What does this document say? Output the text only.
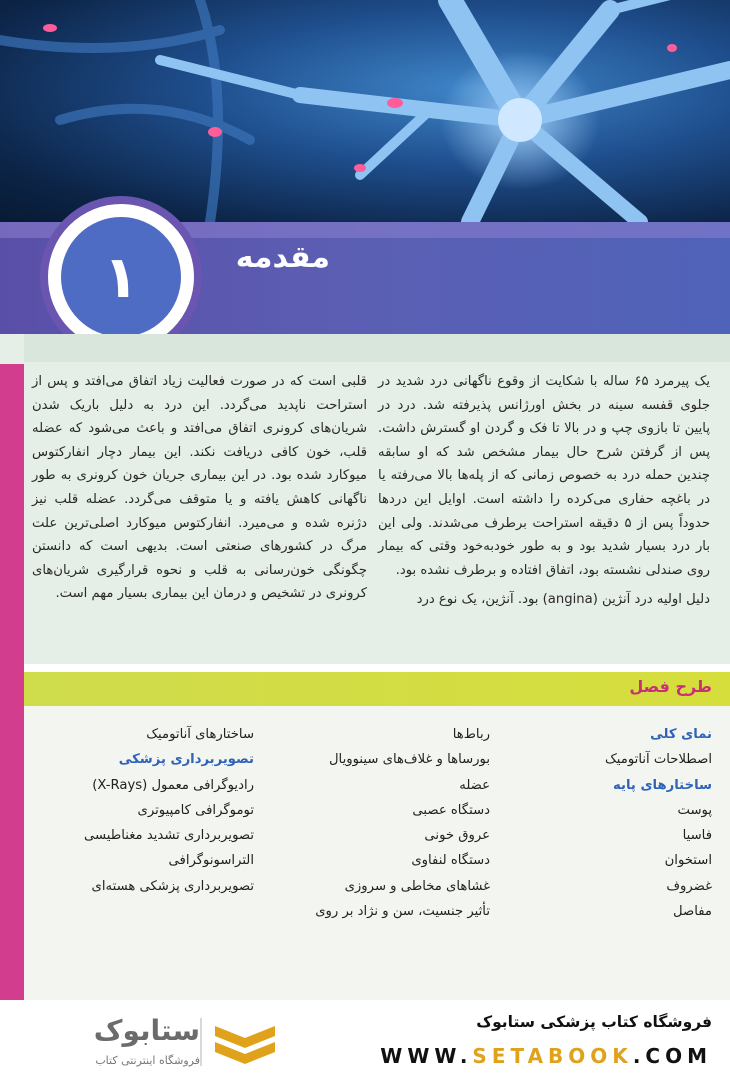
مقدمه
۱

یک پیرمرد ۶۵ ساله با شکایت از وقوع ناگهانی درد شدید در جلوی قفسه سینه در بخش اورژانس پذیرفته شد. درد در پایین تا بازوی چپ و در بالا تا فک و گردن او گسترش داشت. پس از گرفتن شرح حال بیمار مشخص شد که او سابقه چندین حمله درد به خصوص زمانی که از پله‌ها بالا می‌رفته یا در باغچه حفاری می‌کرده را داشته است. اوایل این دردها حدوداً پس از ۵ دقیقه استراحت برطرف می‌شدند. ولی این بار درد بسیار شدید بود و به طور خودبه‌خود وقتی که بیمار روی صندلی نشسته بود، اتفاق افتاده و برطرف نشده بود.

دلیل اولیه درد آنژین (angina) بود. آنژین، یک نوع درد

قلبی است که در صورت فعالیت زیاد اتفاق می‌افتد و پس از استراحت ناپدید می‌گردد. این درد به دلیل باریک شدن شریان‌های کرونری اتفاق می‌افتد و باعث می‌شود که عضله قلب، خون کافی دریافت نکند. این بیمار دچار انفارکتوس میوکارد شده بود. در این بیماری جریان خون کرونری به طور ناگهانی کاهش یافته و یا متوقف می‌گردد. عضله قلب نیز دژنره شده و می‌میرد. انفارکتوس میوکارد اصلی‌ترین علت مرگ در کشورهای صنعتی است. بدیهی است که دانستن چگونگی خون‌رسانی به قلب و نحوه قرارگیری شریان‌های کرونری در تشخیص و درمان این بیماری بسیار مهم است.

طرح فصل
نمای کلی
اصطلاحات آناتومیک
ساختارهای پایه
پوست
فاسیا
استخوان
غضروف
مفاصل
رباط‌ها
بورساها و غلاف‌های سینوویال
عضله
دستگاه عصبی
عروق خونی
دستگاه لنفاوی
غشاهای مخاطی و سروزی
تأثیر جنسیت، سن و نژاد بر روی
ساختارهای آناتومیک
تصویربرداری پزشکی
رادیوگرافی معمول (X-Rays)
توموگرافی کامپیوتری
تصویربرداری تشدید مغناطیسی
التراسونوگرافی
تصویربرداری پزشکی هسته‌ای
فروشگاه کتاب پزشکی ستابوک
WWW.SETABOOK.COM
ستابوک
فروشگاه اینترنتی کتاب
